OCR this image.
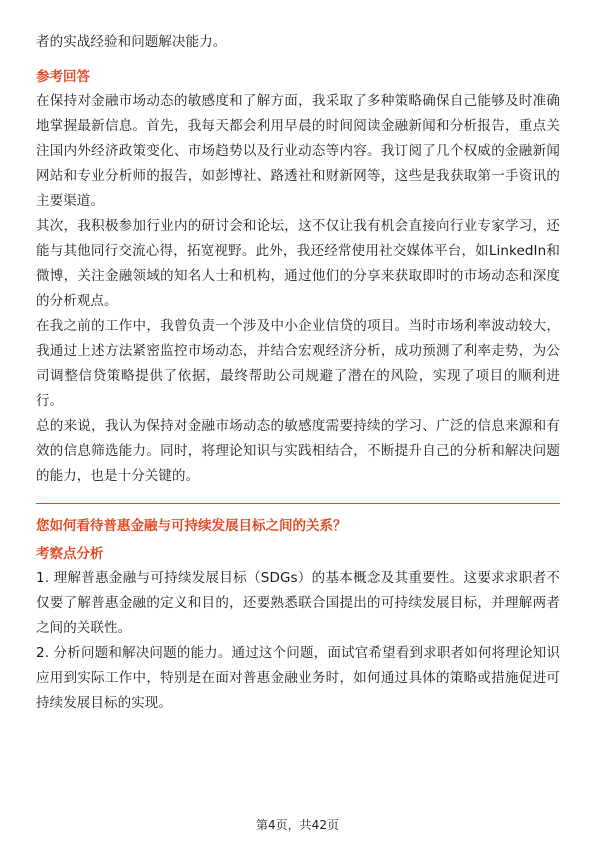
者的实战经验和问题解决能力。

参考回答

在保持对金融市场动态的敏感度和了解方面，我采取了多种策略确保自己能够及时准确地掌握最新信息。首先，我每天都会利用早晨的时间阅读金融新闻和分析报告，重点关注国内外经济政策变化、市场趋势以及行业动态等内容。我订阅了几个权威的金融新闻网站和专业分析师的报告，如彭博社、路透社和财新网等，这些是我获取第一手资讯的主要渠道。

其次，我积极参加行业内的研讨会和论坛，这不仅让我有机会直接向行业专家学习，还能与其他同行交流心得，拓宽视野。此外，我还经常使用社交媒体平台，如LinkedIn和微博，关注金融领域的知名人士和机构，通过他们的分享来获取即时的市场动态和深度的分析观点。

在我之前的工作中，我曾负责一个涉及中小企业信贷的项目。当时市场利率波动较大，我通过上述方法紧密监控市场动态，并结合宏观经济分析，成功预测了利率走势，为公司调整信贷策略提供了依据，最终帮助公司规避了潜在的风险，实现了项目的顺利进行。

总的来说，我认为保持对金融市场动态的敏感度需要持续的学习、广泛的信息来源和有效的信息筛选能力。同时，将理论知识与实践相结合，不断提升自己的分析和解决问题的能力，也是十分关键的。

您如何看待普惠金融与可持续发展目标之间的关系？
考察点分析

1. 理解普惠金融与可持续发展目标（SDGs）的基本概念及其重要性。这要求求职者不仅要了解普惠金融的定义和目的，还要熟悉联合国提出的可持续发展目标，并理解两者之间的关联性。

2. 分析问题和解决问题的能力。通过这个问题，面试官希望看到求职者如何将理论知识应用到实际工作中，特别是在面对普惠金融业务时，如何通过具体的策略或措施促进可持续发展目标的实现。

第4页，共42页
